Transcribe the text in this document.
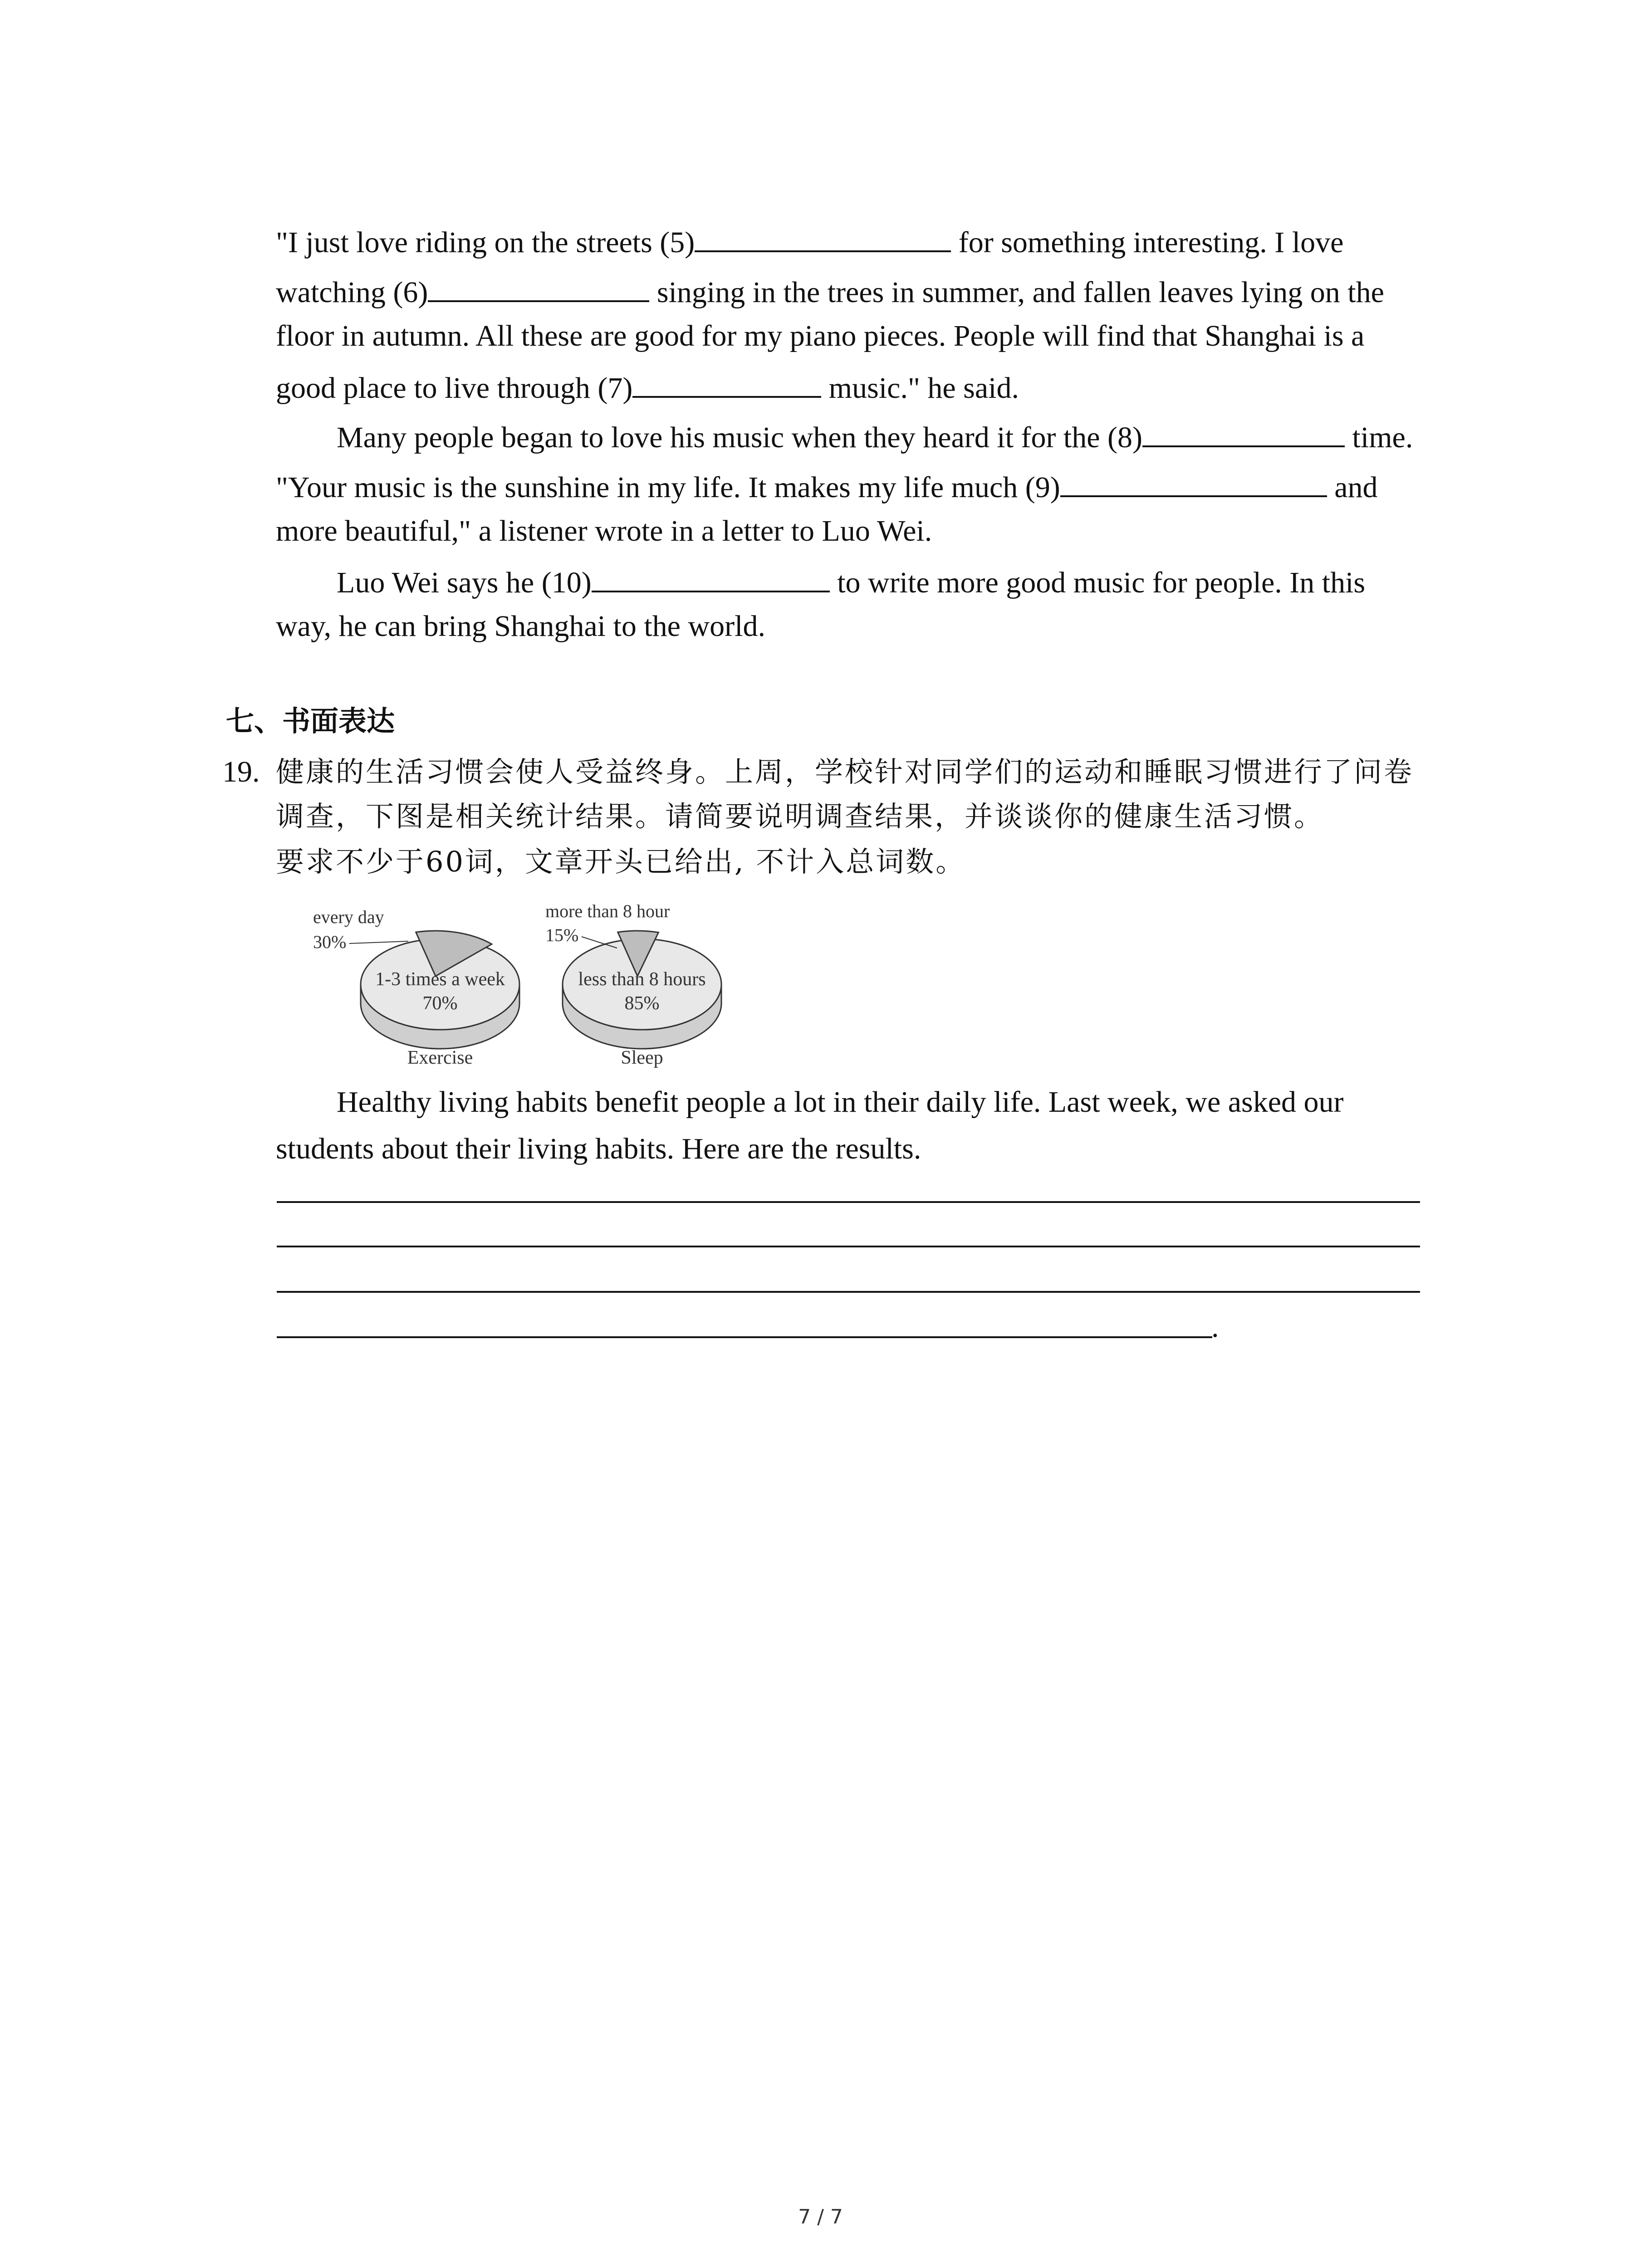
"I just love riding on the streets (5)	for something interesting. I love
watching (6)	singing in the trees in summer, and fallen leaves lying on the
floor in autumn. All these are good for my piano pieces. People will find that Shanghai is a
good place to live through (7)	music." he said.
Many people began to love his music when they heard it for the (8)	time.
"Your music is the sunshine in my life. It makes my life much (9)	and
more beautiful," a listener wrote in a letter to Luo Wei.
Luo Wei says he (10)	to write more good music for people. In this
way, he can bring Shanghai to the world.
七、书面表达
19. 健康的生活习惯会使人受益终身。上周，学校针对同学们的运动和睡眠习惯进行了问卷
调查，下图是相关统计结果。请简要说明调查结果，并谈谈你的健康生活习惯。
要求不少于60词，文章开头已给出, 不计入总词数。
every day
30%
1-3 times a week
70%
Exercise
more than 8 hour
15%
less than 8 hours
85%
Sleep
Healthy living habits benefit people a lot in their daily life. Last week, we asked our
students about their living habits. Here are the results.
.
7 / 7
